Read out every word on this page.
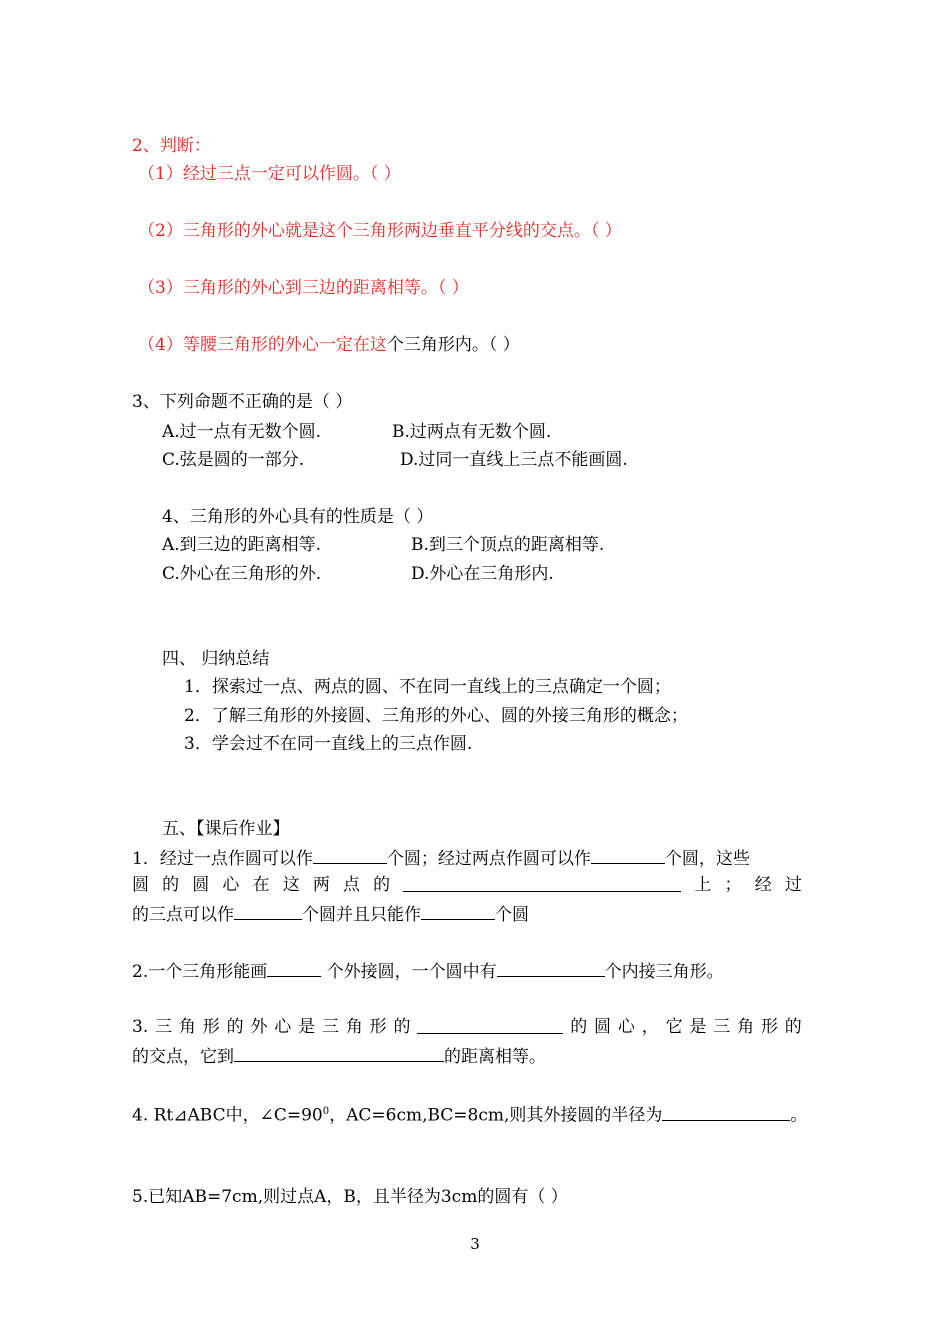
2、判断：
（1）经过三点一定可以作圆。（ ）
（2）三角形的外心就是这个三角形两边垂直平分线的交点。（ ）
（3）三角形的外心到三边的距离相等。（ ）
（4）等腰三角形的外心一定在这个三角形内。（ ）
3、下列命题不正确的是（ ）
A.过一点有无数个圆.	B.过两点有无数个圆.
C.弦是圆的一部分.	D.过同一直线上三点不能画圆.
4、三角形的外心具有的性质是（ ）
A.到三边的距离相等.	B.到三个顶点的距离相等.
C.外心在三角形的外.	D.外心在三角形内.
四、 归纳总结
1．探索过一点、两点的圆、不在同一直线上的三点确定一个圆；
2．了解三角形的外接圆、三角形的外心、圆的外接三角形的概念；
3．学会过不在同一直线上的三点作圆.
五、【课后作业】
1．经过一点作圆可以作	个圆；经过两点作圆可以作	个圆，这些
圆 的 圆 心 在 这 两 点 的	上 ； 经 过
的三点可以作	个圆并且只能作	个圆
2.一个三角形能画	个外接圆，一个圆中有	个内接三角形。
3. 三 角 形 的 外 心 是 三 角 形 的	的 圆 心 ， 它 是 三 角 形 的
的交点，它到	的距离相等。
4. Rt⊿ABC中，$\angle C=90^0$，AC=6cm,BC=8cm,则其外接圆的半径为	。
5.已知AB=7cm,则过点A，B，且半径为3cm的圆有（ ）
3
